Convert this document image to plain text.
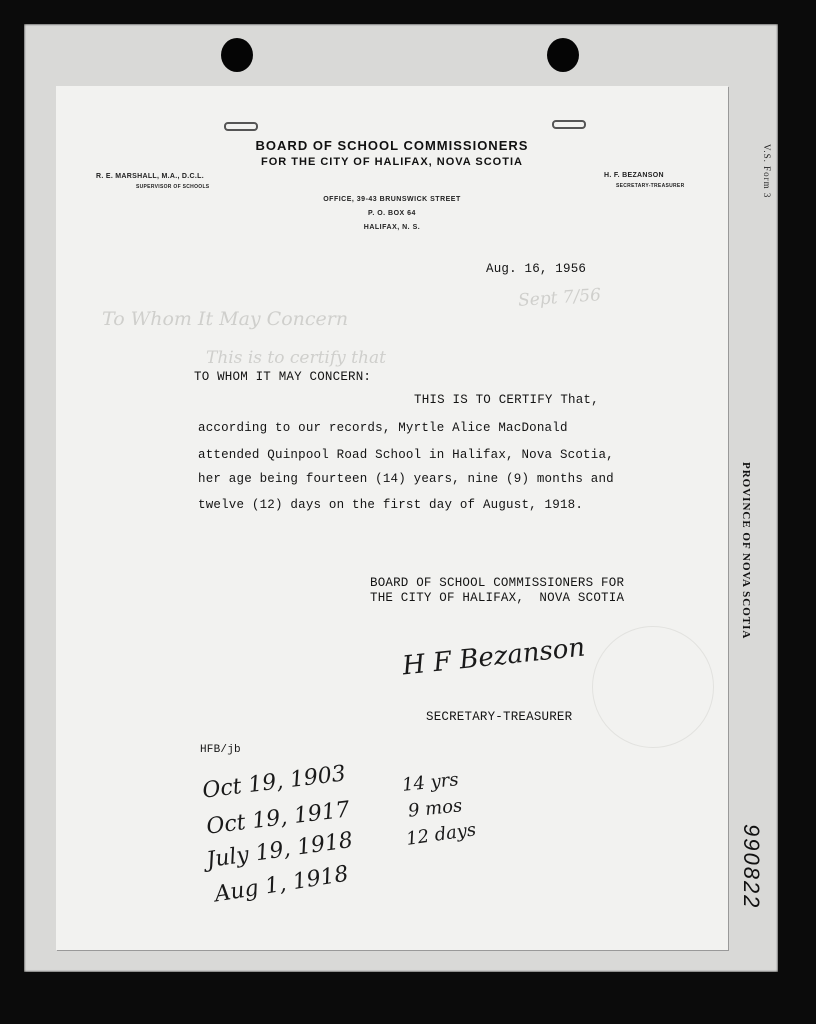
V.S. Form 3
PROVINCE OF NOVA SCOTIA
990822
To Whom It May Concern
Sept 7/56
This is to certify that
BOARD OF SCHOOL COMMISSIONERS
FOR THE CITY OF HALIFAX, NOVA SCOTIA
R. E. MARSHALL, M.A., D.C.L.
SUPERVISOR OF SCHOOLS
H. F. BEZANSON
SECRETARY-TREASURER
OFFICE, 39-43 BRUNSWICK STREET
P. O. BOX 64
HALIFAX, N. S.
Aug. 16, 1956
TO WHOM IT MAY CONCERN:
THIS IS TO CERTIFY That,
according to our records, Myrtle Alice MacDonald
attended Quinpool Road School in Halifax, Nova Scotia,
her age being fourteen (14) years, nine (9) months and
twelve (12) days on the first day of August, 1918.
BOARD OF SCHOOL COMMISSIONERS FOR
THE CITY OF HALIFAX,  NOVA SCOTIA
H F Bezanson
SECRETARY-TREASURER
HFB/jb
Oct 19, 1903
Oct 19, 1917
July 19, 1918
Aug 1, 1918
14 yrs
9 mos
12 days
